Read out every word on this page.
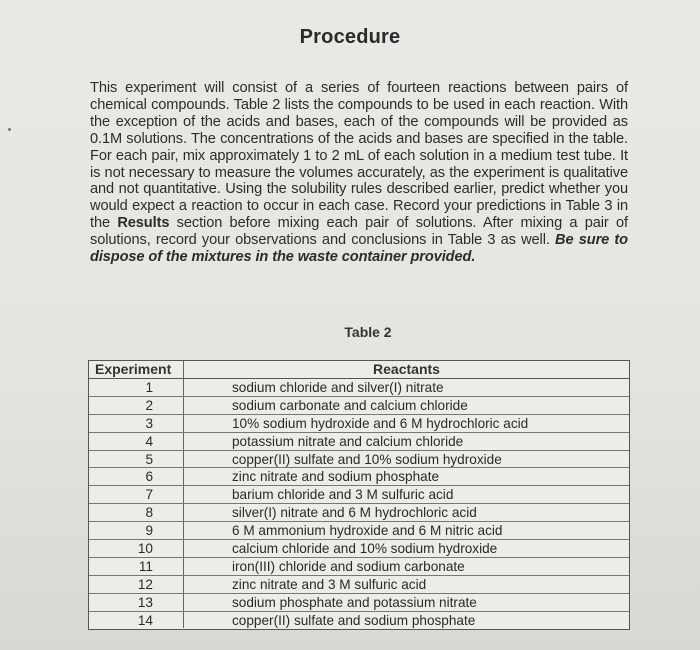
Procedure
This experiment will consist of a series of fourteen reactions between pairs of chemical compounds. Table 2 lists the compounds to be used in each reaction. With the exception of the acids and bases, each of the compounds will be provided as 0.1M solutions. The concentrations of the acids and bases are specified in the table. For each pair, mix approximately 1 to 2 mL of each solution in a medium test tube. It is not necessary to measure the volumes accurately, as the experiment is qualitative and not quantitative. Using the solubility rules described earlier, predict whether you would expect a reaction to occur in each case. Record your predictions in Table 3 in the Results section before mixing each pair of solutions. After mixing a pair of solutions, record your observations and conclusions in Table 3 as well. Be sure to dispose of the mixtures in the waste container provided.
Table 2
Experiment	Reactants
1	sodium chloride and silver(I) nitrate
2	sodium carbonate and calcium chloride
3	10% sodium hydroxide and 6 M hydrochloric acid
4	potassium nitrate and calcium chloride
5	copper(II) sulfate and 10% sodium hydroxide
6	zinc nitrate and sodium phosphate
7	barium chloride and 3 M sulfuric acid
8	silver(I) nitrate and 6 M hydrochloric acid
9	6 M ammonium hydroxide and 6 M nitric acid
10	calcium chloride and 10% sodium hydroxide
11	iron(III) chloride and sodium carbonate
12	zinc nitrate and 3 M sulfuric acid
13	sodium phosphate and potassium nitrate
14	copper(II) sulfate and sodium phosphate
